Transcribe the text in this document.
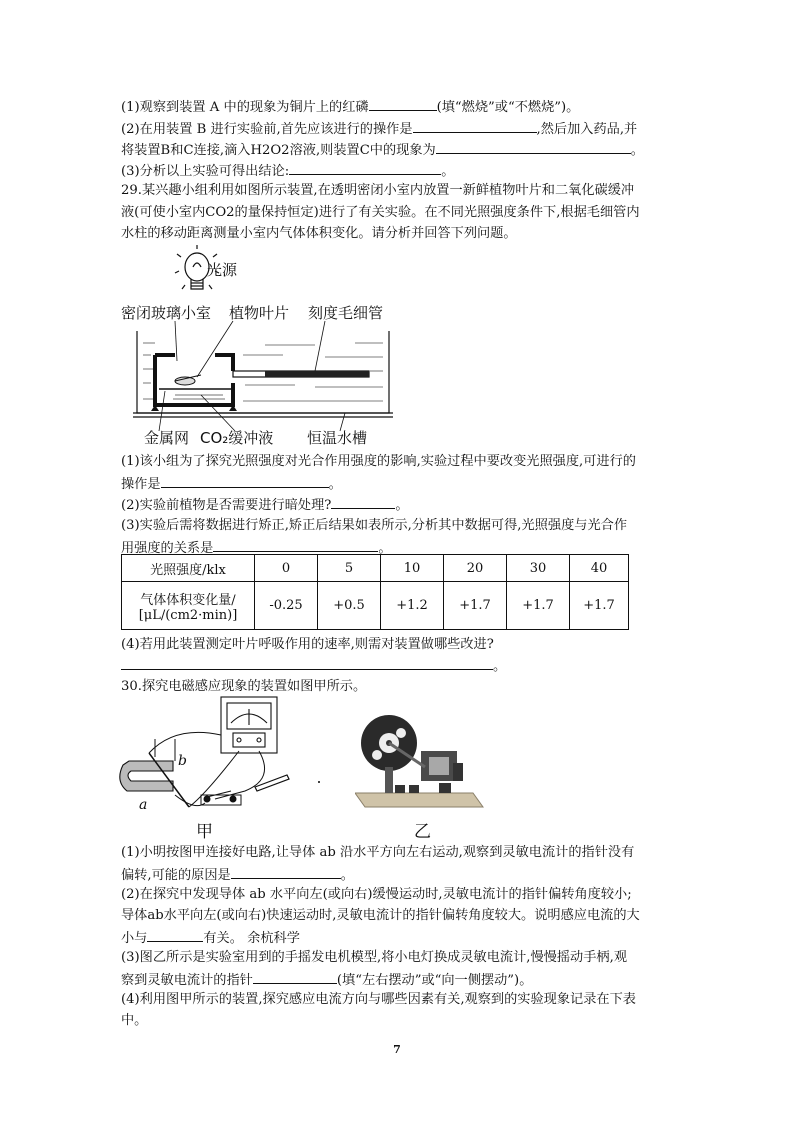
(1)观察到装置 A 中的现象为铜片上的红磷	(填“燃烧”或“不燃烧”)。
(2)在用装置 B 进行实验前,首先应该进行的操作是	,然后加入药品,并
将装置B和C连接,滴入H2O2溶液,则装置C中的现象为	。
(3)分析以上实验可得出结论:	。
29.某兴趣小组利用如图所示装置,在透明密闭小室内放置一新鲜植物叶片和二氧化碳缓冲
液(可使小室内CO2的量保持恒定)进行了有关实验。在不同光照强度条件下,根据毛细管内
水柱的移动距离测量小室内气体体积变化。请分析并回答下列问题。
光源
密闭玻璃小室 植物叶片 刻度毛细管
金属网 CO₂缓冲液 恒温水槽
(1)该小组为了探究光照强度对光合作用强度的影响,实验过程中要改变光照强度,可进行的
操作是	。
(2)实验前植物是否需要进行暗处理?	。
(3)实验后需将数据进行矫正,矫正后结果如表所示,分析其中数据可得,光照强度与光合作
用强度的关系是	。
光照强度/klx	0	5	10	20	30	40
气体体积变化量/
[μL/(cm2·min)]	-0.25	+0.5	+1.2	+1.7	+1.7	+1.7
(4)若用此装置测定叶片呼吸作用的速率,则需对装置做哪些改进?
。
30.探究电磁感应现象的装置如图甲所示。
b
a
甲	乙
(1)小明按图甲连接好电路,让导体 ab 沿水平方向左右运动,观察到灵敏电流计的指针没有
偏转,可能的原因是	。
(2)在探究中发现导体 ab 水平向左(或向右)缓慢运动时,灵敏电流计的指针偏转角度较小;
导体ab水平向左(或向右)快速运动时,灵敏电流计的指针偏转角度较大。说明感应电流的大
小与	有关。 余杭科学
(3)图乙所示是实验室用到的手摇发电机模型,将小电灯换成灵敏电流计,慢慢摇动手柄,观
察到灵敏电流计的指针	(填“左右摆动”或“向一侧摆动”)。
(4)利用图甲所示的装置,探究感应电流方向与哪些因素有关,观察到的实验现象记录在下表
中。
7
